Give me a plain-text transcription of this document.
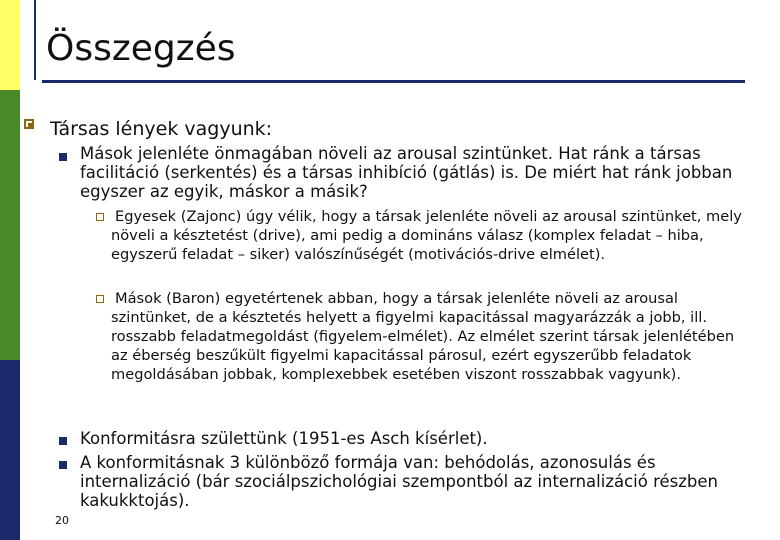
Összegzés
Társas lények vagyunk:
Mások jelenléte önmagában növeli az arousal szintünket. Hat ránk a társas facilitáció (serkentés) és a társas inhibíció (gátlás) is. De miért hat ránk jobban egyszer az egyik, máskor a másik?
Egyesek (Zajonc) úgy vélik, hogy a társak jelenléte növeli az arousal szintünket, mely növeli a késztetést (drive), ami pedig a domináns válasz (komplex feladat – hiba, egyszerű feladat – siker) valószínűségét (motivációs-drive elmélet).
Mások (Baron) egyetértenek abban, hogy a társak jelenléte növeli az arousal szintünket, de a késztetés helyett a figyelmi kapacitással magyarázzák a jobb, ill. rosszabb feladatmegoldást (figyelem-elmélet). Az elmélet szerint társak jelenlétében az éberség beszűkült figyelmi kapacitással párosul, ezért egyszerűbb feladatok megoldásában jobbak, komplexebbek esetében viszont rosszabbak vagyunk).
Konformitásra születtünk (1951-es Asch kísérlet).
A konformitásnak 3 különböző formája van: behódolás, azonosulás és internalizáció (bár szociálpszichológiai szempontból az internalizáció részben kakukktojás).
20
